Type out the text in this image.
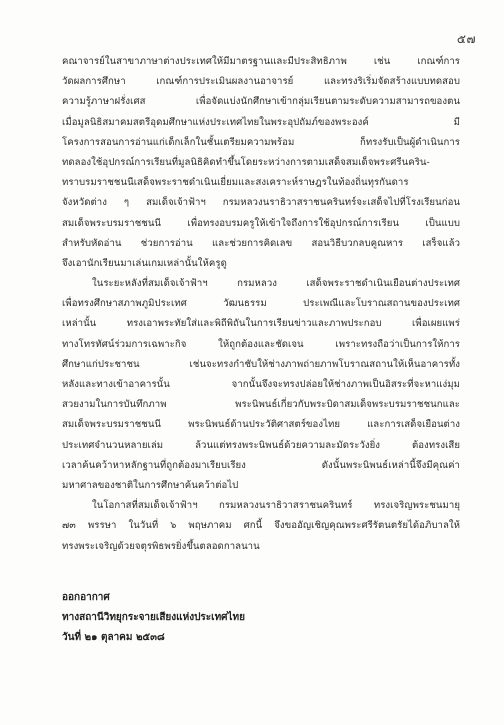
๕๗
คณาจารย์ในสาขาภาษาต่างประเทศให้มีมาตรฐานและมีประสิทธิภาพ เช่น เกณฑ์การ
วัดผลการศึกษา เกณฑ์การประเมินผลงานอาจารย์ และทรงริเริ่มจัดสร้างแบบทดสอบ
ความรู้ภาษาฝรั่งเศส เพื่อจัดแบ่งนักศึกษาเข้ากลุ่มเรียนตามระดับความสามารถของตน
เมื่อมูลนิธิสมาคมสตรีอุดมศึกษาแห่งประเทศไทยในพระอุปถัมภ์ของพระองค์ มี
โครงการสอนการอ่านแก่เด็กเล็กในชั้นเตรียมความพร้อม ก็ทรงรับเป็นผู้ดำเนินการ
ทดลองใช้อุปกรณ์การเรียนที่มูลนิธิคิดทำขึ้นโดยระหว่างการตามเสด็จสมเด็จพระศรีนคริน-
ทราบรมราชชนนีเสด็จพระราชดำเนินเยี่ยมและสงเคราะห์ราษฎรในท้องถิ่นทุรกันดาร
จังหวัดต่าง ๆ สมเด็จเจ้าฟ้าฯ กรมหลวงนราธิวาสราชนครินทร์จะเสด็จไปที่โรงเรียนก่อน
สมเด็จพระบรมราชชนนี เพื่อทรงอบรมครูให้เข้าใจถึงการใช้อุปกรณ์การเรียน เป็นแบบ
สำหรับหัดอ่าน ช่วยการอ่าน และช่วยการคิดเลข สอนวิธีบวกลบคูณหาร เสร็จแล้ว
จึงเอานักเรียนมาเล่นเกมเหล่านั้นให้ครูดู
ในระยะหลังที่สมเด็จเจ้าฟ้าฯ กรมหลวง เสด็จพระราชดำเนินเยือนต่างประเทศ
เพื่อทรงศึกษาสภาพภูมิประเทศ วัฒนธรรม ประเพณีและโบราณสถานของประเทศ
เหล่านั้น ทรงเอาพระทัยใส่และพิถีพิถันในการเรียนข่าวและภาพประกอบ เพื่อเผยแพร่
ทางโทรทัศน์ร่วมการเฉพาะกิจ ให้ถูกต้องและชัดเจน เพราะทรงถือว่าเป็นการให้การ
ศึกษาแก่ประชาชน เช่นจะทรงกำชับให้ช่างภาพถ่ายภาพโบราณสถานให้เห็นอาคารทั้ง
หลังและทางเข้าอาคารนั้น จากนั้นจึงจะทรงปล่อยให้ช่างภาพเป็นอิสระที่จะหาแง่มุม
สวยงามในการบันทึกภาพ พระนิพนธ์เกี่ยวกับพระบิดาสมเด็จพระบรมราชชนกและ
สมเด็จพระบรมราชชนนี พระนิพนธ์ด้านประวัติศาสตร์ของไทย และการเสด็จเยือนต่าง
ประเทศจำนวนหลายเล่ม ล้วนแต่ทรงพระนิพนธ์ด้วยความละมัดระวังยิ่ง ต้องทรงเสีย
เวลาค้นคว้าหาหลักฐานที่ถูกต้องมาเรียบเรียง ดังนั้นพระนิพนธ์เหล่านี้จึงมีคุณค่า
มหาศาลของชาติในการศึกษาค้นคว้าต่อไป
ในโอกาสที่สมเด็จเจ้าฟ้าฯ กรมหลวงนราธิวาสราชนครินทร์ ทรงเจริญพระชนมายุ
๗๓ พรรษา ในวันที่ ๖ พฤษภาคม ศกนี้ จึงขออัญเชิญคุณพระศรีรัตนตรัยได้อภิบาลให้
ทรงพระเจริญด้วยจตุรพิธพรยิ่งขึ้นตลอดกาลนาน
ออกอากาศ
ทางสถานีวิทยุกระจายเสียงแห่งประเทศไทย
วันที่ ๒๑ ตุลาคม ๒๕๓๘
